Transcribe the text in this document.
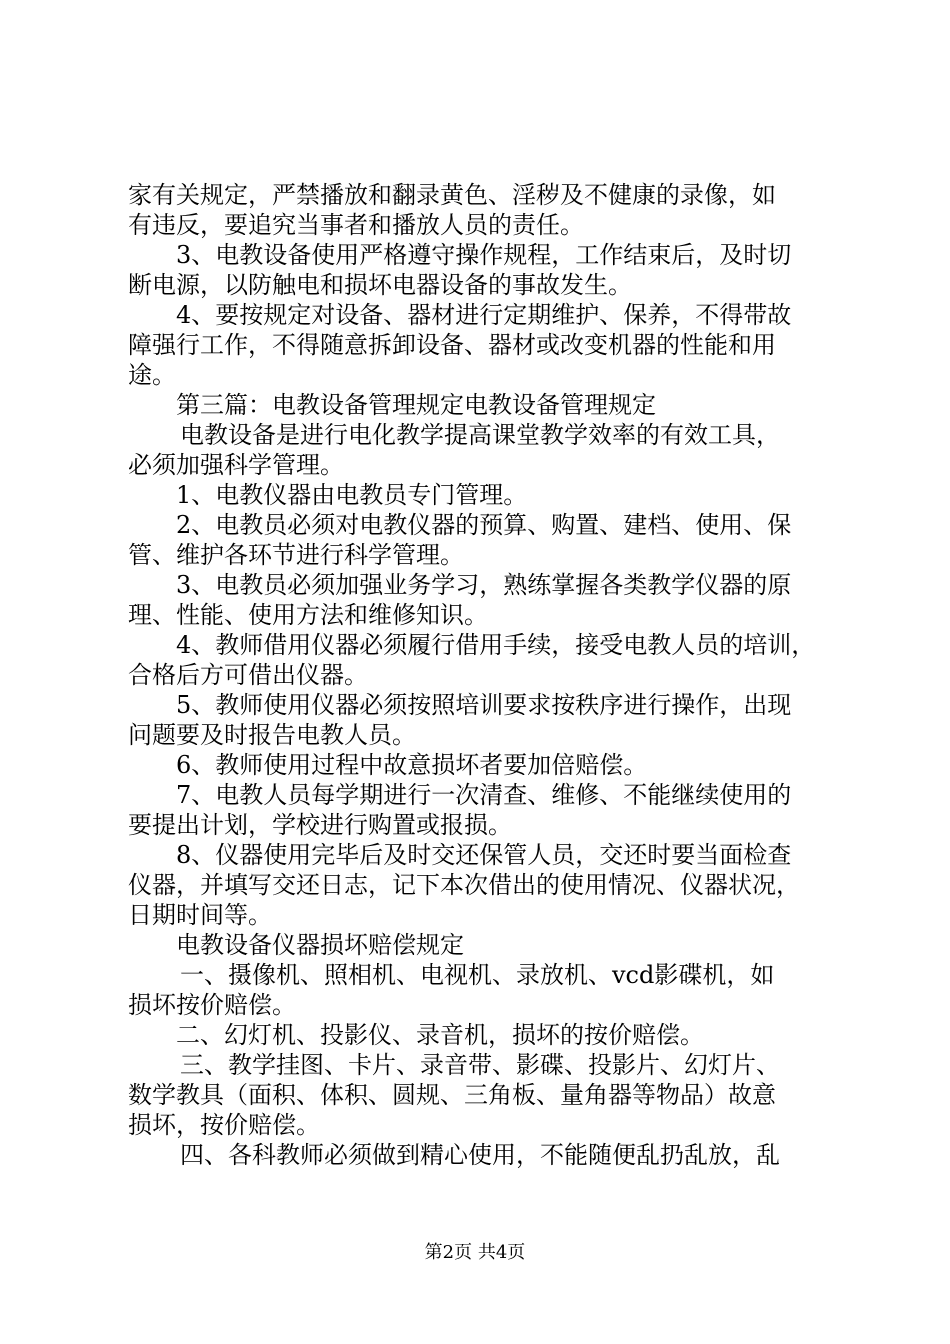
家有关规定，严禁播放和翻录黄色、淫秽及不健康的录像，如

有违反，要追究当事者和播放人员的责任。

3、电教设备使用严格遵守操作规程，工作结束后，及时切

断电源，以防触电和损坏电器设备的事故发生。

4、要按规定对设备、器材进行定期维护、保养，不得带故

障强行工作，不得随意拆卸设备、器材或改变机器的性能和用

途。

第三篇：电教设备管理规定电教设备管理规定

电教设备是进行电化教学提高课堂教学效率的有效工具，

必须加强科学管理。

1、电教仪器由电教员专门管理。

2、电教员必须对电教仪器的预算、购置、建档、使用、保

管、维护各环节进行科学管理。

3、电教员必须加强业务学习，熟练掌握各类教学仪器的原

理、性能、使用方法和维修知识。

4、教师借用仪器必须履行借用手续，接受电教人员的培训，

合格后方可借出仪器。

5、教师使用仪器必须按照培训要求按秩序进行操作，出现

问题要及时报告电教人员。

6、教师使用过程中故意损坏者要加倍赔偿。

7、电教人员每学期进行一次清查、维修、不能继续使用的

要提出计划，学校进行购置或报损。

8、仪器使用完毕后及时交还保管人员，交还时要当面检查

仪器，并填写交还日志，记下本次借出的使用情况、仪器状况，

日期时间等。

电教设备仪器损坏赔偿规定

一、摄像机、照相机、电视机、录放机、vcd影碟机，如

损坏按价赔偿。

二、幻灯机、投影仪、录音机，损坏的按价赔偿。

三、教学挂图、卡片、录音带、影碟、投影片、幻灯片、

数学教具（面积、体积、圆规、三角板、量角器等物品）故意

损坏，按价赔偿。

四、各科教师必须做到精心使用，不能随便乱扔乱放，乱

第2页 共4页
